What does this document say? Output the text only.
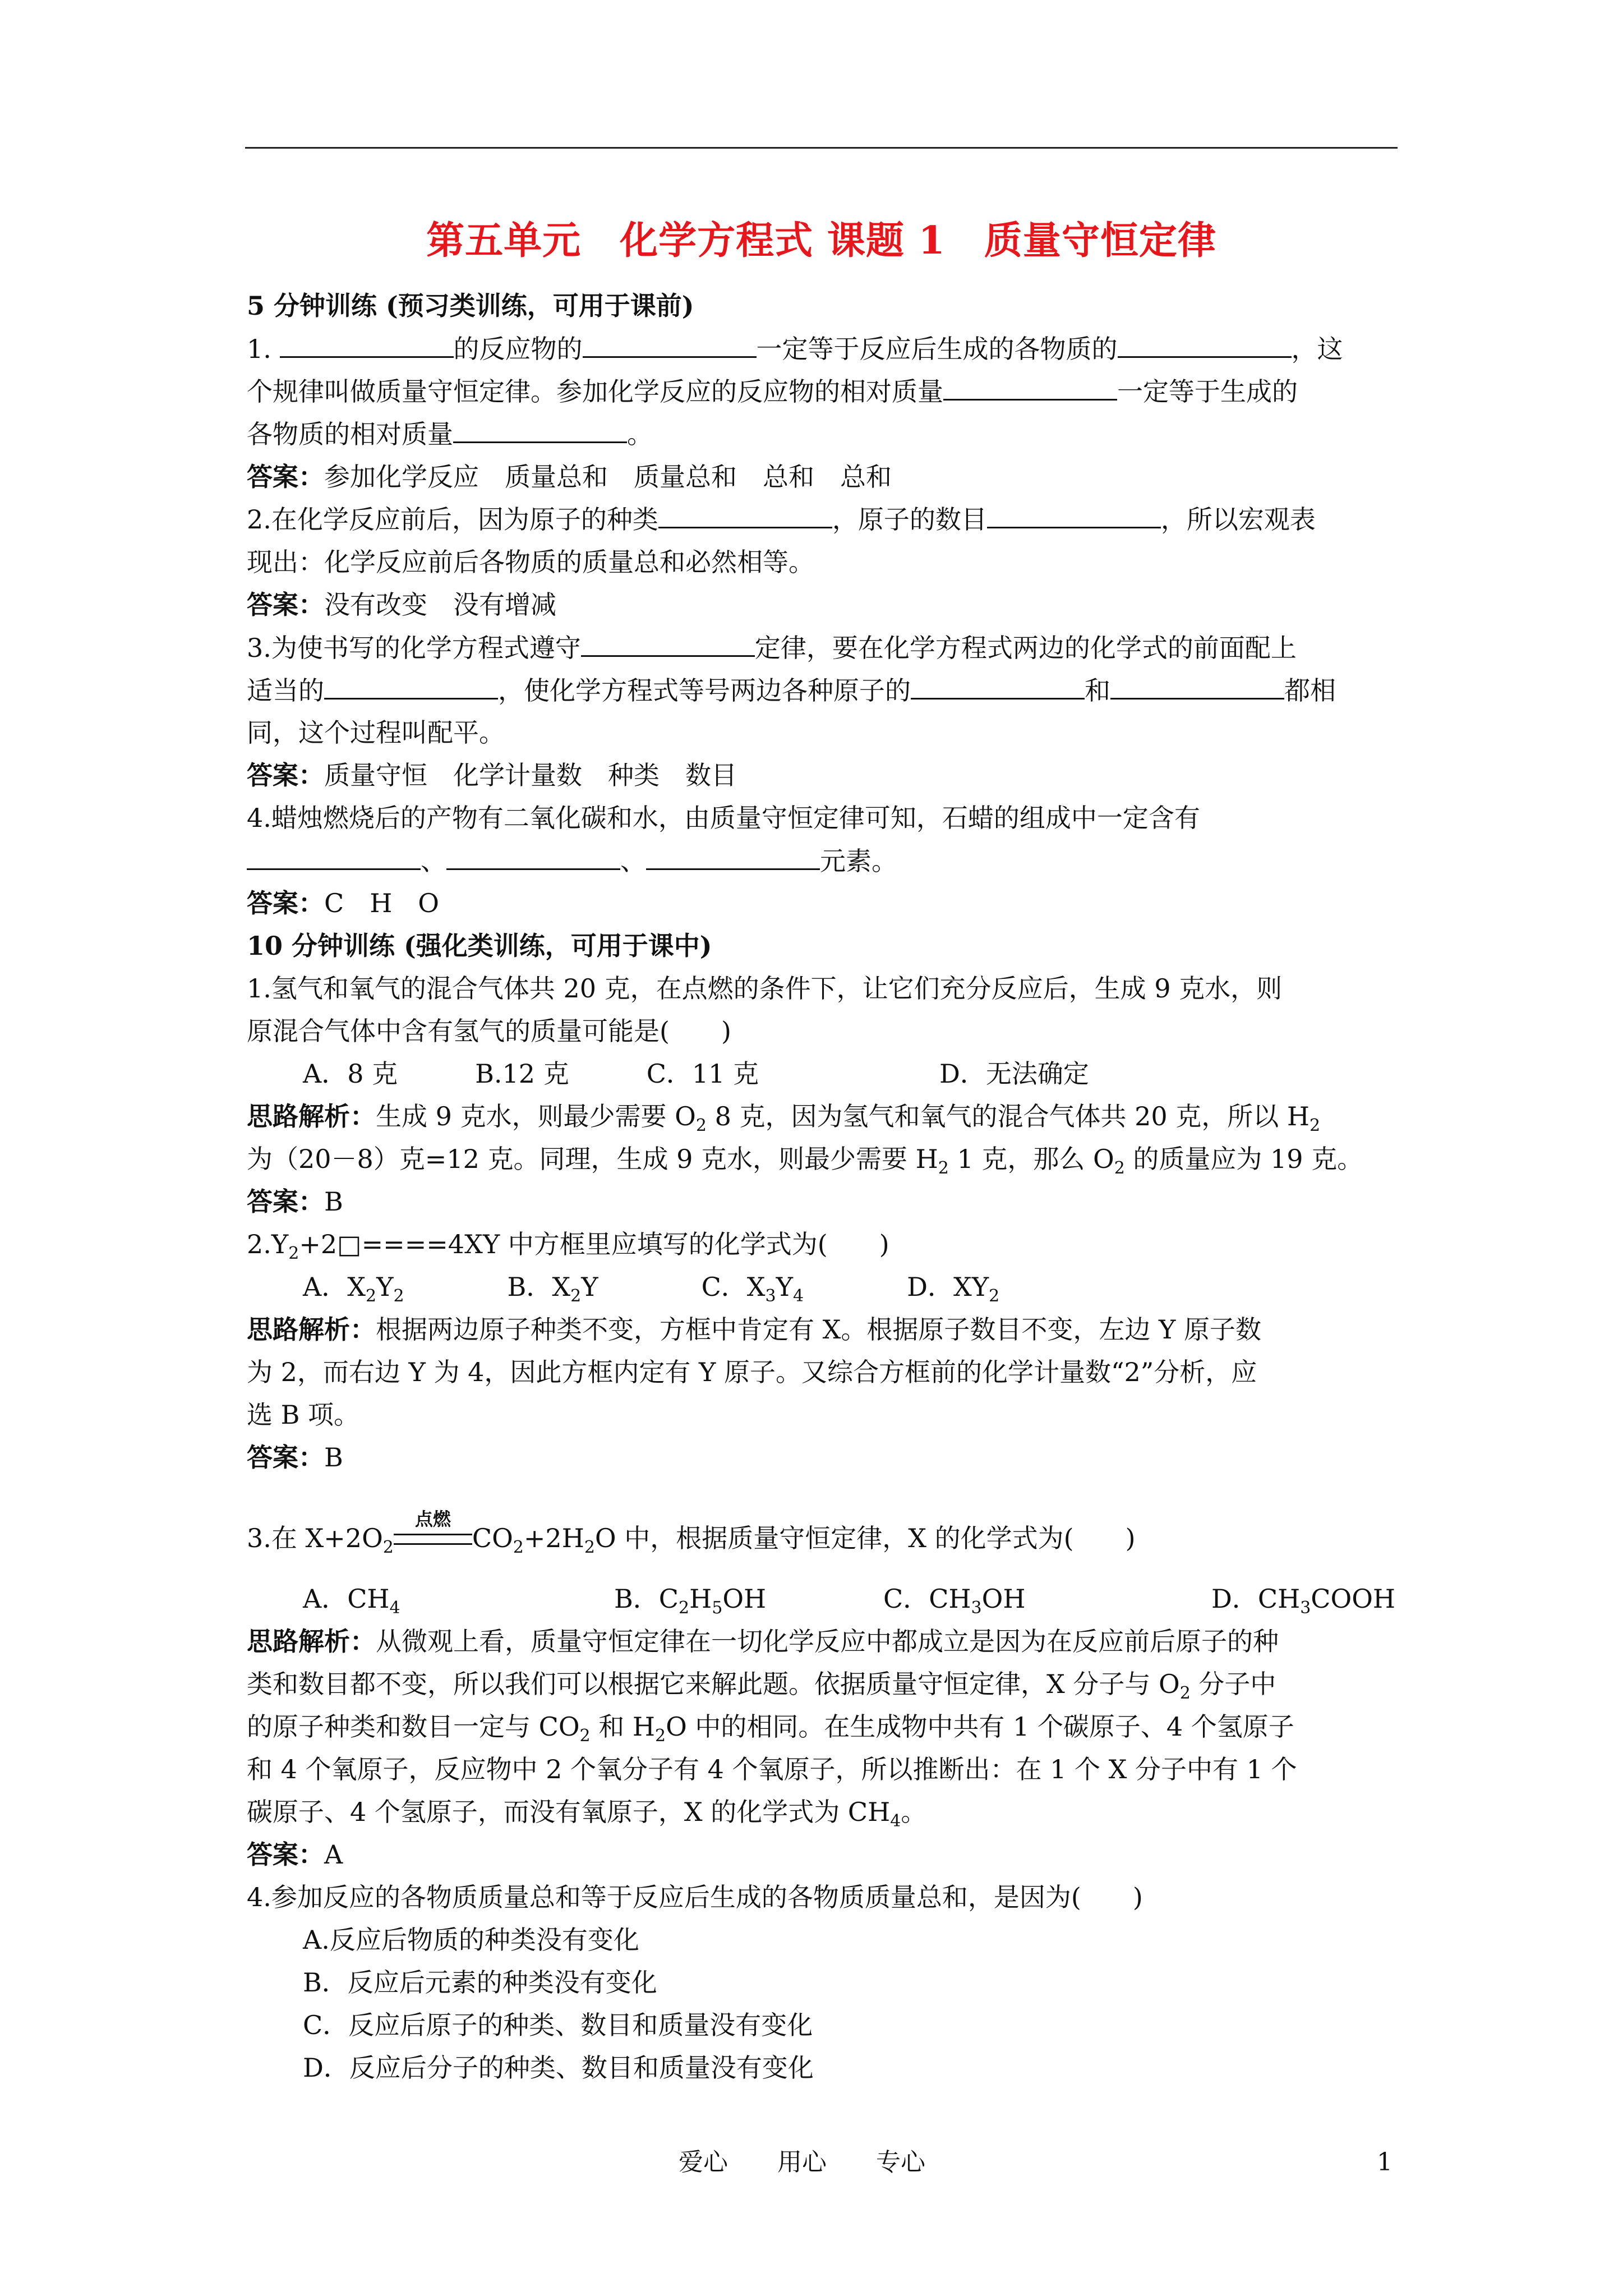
第五单元　化学方程式 课题 1　质量守恒定律
5 分钟训练 (预习类训练，可用于课前)
1.	的反应物的	一定等于反应后生成的各物质的	，这
个规律叫做质量守恒定律。参加化学反应的反应物的相对质量	一定等于生成的
各物质的相对质量	。
答案：参加化学反应　质量总和　质量总和　总和　总和
2.在化学反应前后，因为原子的种类	，原子的数目	，所以宏观表
现出：化学反应前后各物质的质量总和必然相等。
答案：没有改变　没有增减
3.为使书写的化学方程式遵守	定律，要在化学方程式两边的化学式的前面配上
适当的	，使化学方程式等号两边各种原子的	和	都相
同，这个过程叫配平。
答案：质量守恒　化学计量数　种类　数目
4.蜡烛燃烧后的产物有二氧化碳和水，由质量守恒定律可知，石蜡的组成中一定含有
、	、	元素。
答案：C　H　O
10 分钟训练 (强化类训练，可用于课中)
1.氢气和氧气的混合气体共 20 克，在点燃的条件下，让它们充分反应后，生成 9 克水，则
原混合气体中含有氢气的质量可能是(　　)
A．8 克　　　B.12 克　　　C．11 克　　　　　　　D．无法确定
思路解析：生成 9 克水，则最少需要 $O_2$ 8 克，因为氢气和氧气的混合气体共 20 克，所以 $H_2$
为（20－8）克=12 克。同理，生成 9 克水，则最少需要 $H_2$ 1 克，那么 $O_2$ 的质量应为 19 克。
答案：B
$2.Y_2+2□====4XY$ 中方框里应填写的化学式为(　　)
A．$X_2Y_2$　　　　	B．$X_2Y$　　　　	C．$X_3Y_4$　　　　	D．$XY_2$
思路解析：根据两边原子种类不变，方框中肯定有 X。根据原子数目不变，左边 Y 原子数
为 2，而右边 Y 为 4，因此方框内定有 Y 原子。又综合方框前的化学计量数“2”分析，应
选 B 项。
答案：B
3.在 $X+2O_2$
点燃
$CO_2+2H_2O$ 中，根据质量守恒定律，X 的化学式为(　　)
A．$CH_4$	B．$C_2H_5OH$	C．$CH_3OH$	D．$CH_3COOH$
思路解析：从微观上看，质量守恒定律在一切化学反应中都成立是因为在反应前后原子的种
类和数目都不变，所以我们可以根据它来解此题。依据质量守恒定律，X 分子与 $O_2$ 分子中
的原子种类和数目一定与 $CO_2$ 和 $H_2O$ 中的相同。在生成物中共有 1 个碳原子、4 个氢原子
和 4 个氧原子，反应物中 2 个氧分子有 4 个氧原子，所以推断出：在 1 个 X 分子中有 1 个
碳原子、4 个氢原子，而没有氧原子，X 的化学式为 $CH_4$。
答案：A
4.参加反应的各物质质量总和等于反应后生成的各物质质量总和，是因为(　　)
A.反应后物质的种类没有变化
B．反应后元素的种类没有变化
C．反应后原子的种类、数目和质量没有变化
D．反应后分子的种类、数目和质量没有变化
爱心　　用心　　专心	1
